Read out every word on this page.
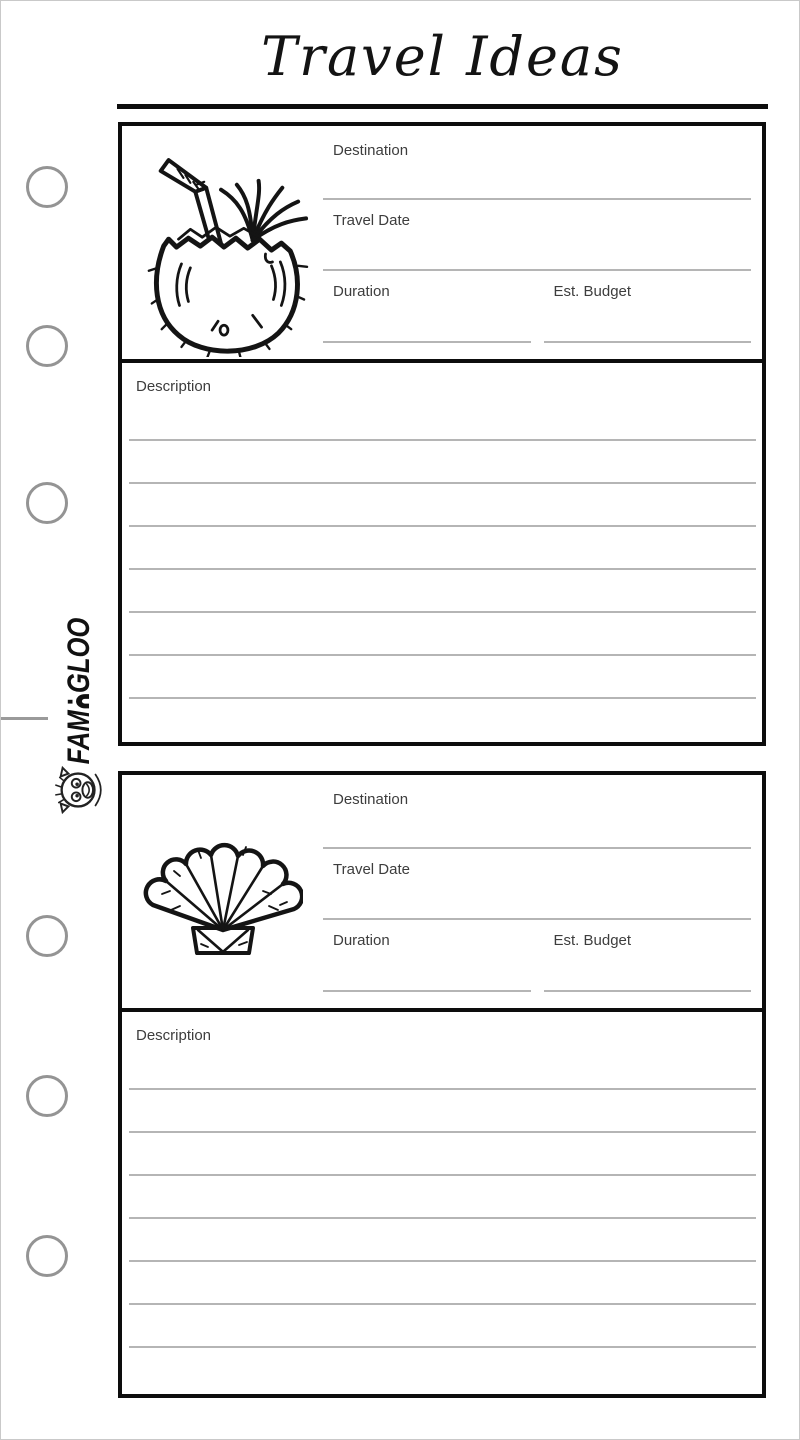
Travel Ideas
FAM
GLOO
Destination
Travel Date
Duration	Est. Budget
Description
Destination
Travel Date
Duration	Est. Budget
Description
